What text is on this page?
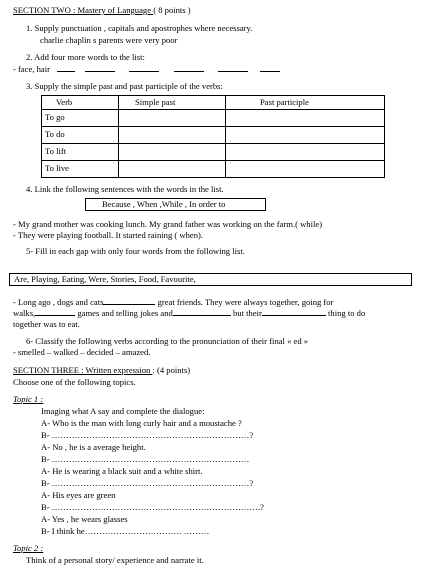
SECTION TWO : Mastery of Language ( 8 points )
1. Supply punctuation , capitals and apostrophes where necessary.
charlie chaplin s parents were very poor
2. Add four more words to the list:
- face, hair
3. Supply the simple past and past participle of the verbs:
Verb	Simple past	Past participle
To go		
To do		
To lift		
To live		
4. Link the following sentences with the words in the list.
Because , When ,While , In order to
- My grand mother was cooking lunch. My grand father was working on the farm.( while)
- They were playing football. It started raining ( when).
5- Fill in each gap with only four words from the following list.
Are, Playing, Eating, Were, Stories, Food, Favourite,
- Long ago , dogs and cats	great friends. They were always together, going for
walks,	games and telling jokes and	but their	thing to do
together was to eat.
6- Classify the following verbs according to the pronunciation of their final « ed »
- smelled – walked – decided – amazed.
SECTION THREE : Written expression : (4 points)
Choose one of the following topics.
Topic 1 :
Imaging what A say and complete the dialogue:
A- Who is the man with long curly hair and a moustache ?
B- ……………………………………………………………?
A- No , he is a average height.
B- ……………………………………………………………
A- He is wearing a black suit and a white shirt.
B- ……………………………………………………………?
A- His eyes are green
B- ……………………………………………………………….?
A- Yes , he wears glasses
B- I think he……………………………. ………
Topic 2 :
Think of a personal story/ experience and narrate it.
